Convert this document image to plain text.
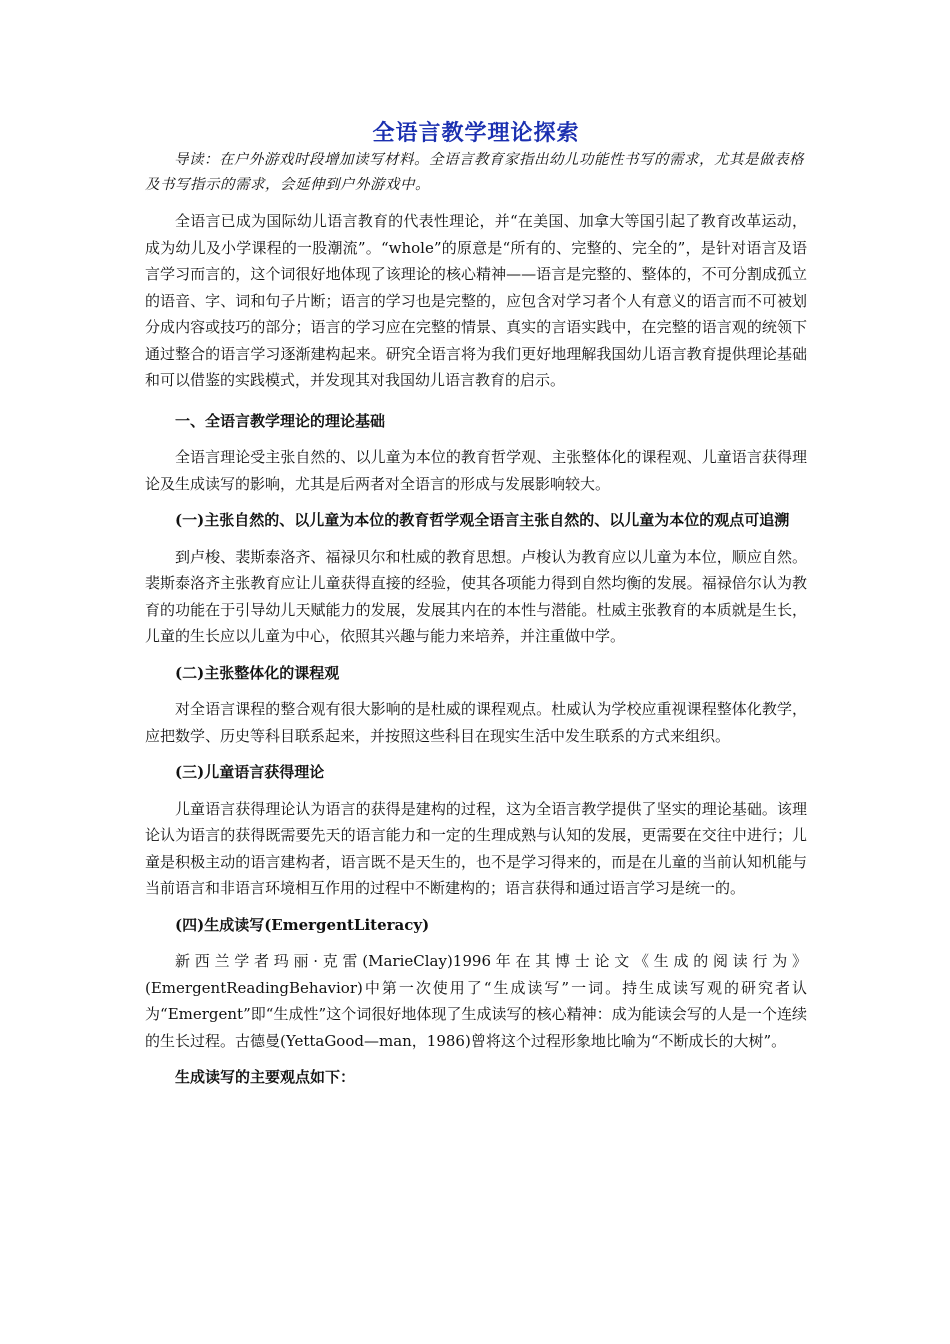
全语言教学理论探索

导读：在户外游戏时段增加读写材料。全语言教育家指出幼儿功能性书写的需求，尤其是做表格及书写指示的需求，会延伸到户外游戏中。

全语言已成为国际幼儿语言教育的代表性理论，并“在美国、加拿大等国引起了教育改革运动，成为幼儿及小学课程的一股潮流”。“whole”的原意是“所有的、完整的、完全的”，是针对语言及语言学习而言的，这个词很好地体现了该理论的核心精神——语言是完整的、整体的，不可分割成孤立的语音、字、词和句子片断；语言的学习也是完整的，应包含对学习者个人有意义的语言而不可被划分成内容或技巧的部分；语言的学习应在完整的情景、真实的言语实践中，在完整的语言观的统领下通过整合的语言学习逐渐建构起来。研究全语言将为我们更好地理解我国幼儿语言教育提供理论基础和可以借鉴的实践模式，并发现其对我国幼儿语言教育的启示。

一、全语言教学理论的理论基础

全语言理论受主张自然的、以儿童为本位的教育哲学观、主张整体化的课程观、儿童语言获得理论及生成读写的影响，尤其是后两者对全语言的形成与发展影响较大。

(一)主张自然的、以儿童为本位的教育哲学观全语言主张自然的、以儿童为本位的观点可追溯

到卢梭、裴斯泰洛齐、福禄贝尔和杜威的教育思想。卢梭认为教育应以儿童为本位，顺应自然。裴斯泰洛齐主张教育应让儿童获得直接的经验，使其各项能力得到自然均衡的发展。福禄倍尔认为教育的功能在于引导幼儿天赋能力的发展，发展其内在的本性与潜能。杜威主张教育的本质就是生长，儿童的生长应以儿童为中心，依照其兴趣与能力来培养，并注重做中学。

(二)主张整体化的课程观

对全语言课程的整合观有很大影响的是杜威的课程观点。杜威认为学校应重视课程整体化教学，应把数学、历史等科目联系起来，并按照这些科目在现实生活中发生联系的方式来组织。

(三)儿童语言获得理论

儿童语言获得理论认为语言的获得是建构的过程，这为全语言教学提供了坚实的理论基础。该理论认为语言的获得既需要先天的语言能力和一定的生理成熟与认知的发展，更需要在交往中进行；儿童是积极主动的语言建构者，语言既不是天生的，也不是学习得来的，而是在儿童的当前认知机能与当前语言和非语言环境相互作用的过程中不断建构的；语言获得和通过语言学习是统一的。

(四)生成读写(EmergentLiteracy)

新西兰学者玛丽·克雷(MarieClay)1996年在其博士论文《生成的阅读行为》(EmergentReadingBehavior)中第一次使用了“生成读写”一词。持生成读写观的研究者认为“Emergent”即“生成性”这个词很好地体现了生成读写的核心精神：成为能读会写的人是一个连续的生长过程。古德曼(YettaGood—man，1986)曾将这个过程形象地比喻为“不断成长的大树”。

生成读写的主要观点如下：
